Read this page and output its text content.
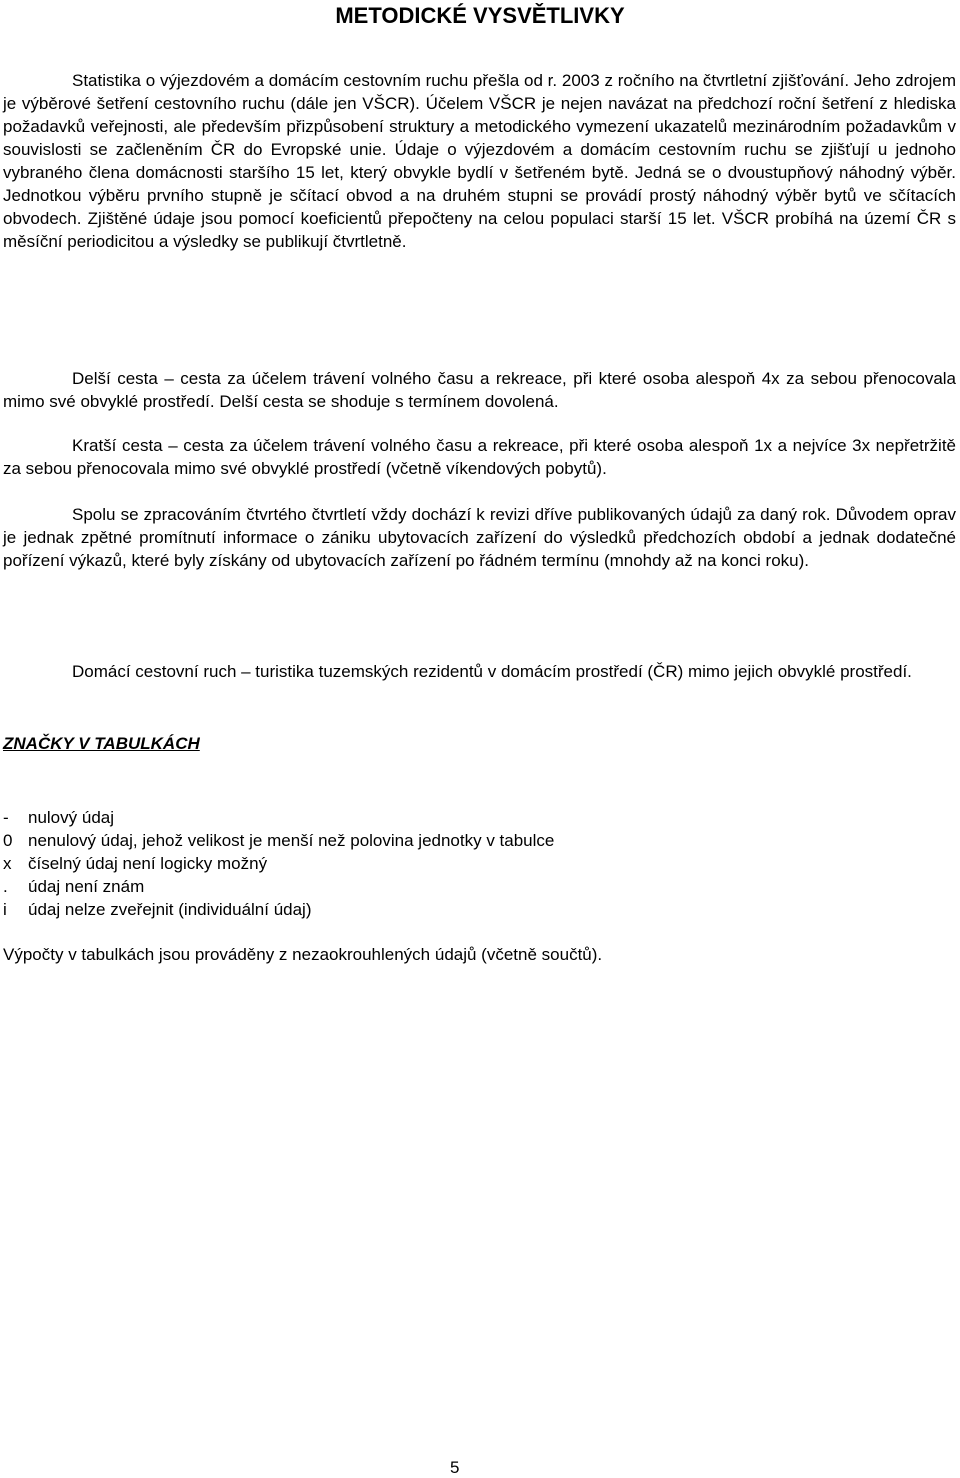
METODICKÉ VYSVĚTLIVKY

Statistika o výjezdovém a domácím cestovním ruchu přešla od r. 2003 z ročního na čtvrtletní zjišťování. Jeho zdrojem je výběrové šetření cestovního ruchu (dále jen VŠCR). Účelem VŠCR je nejen navázat na předchozí roční šetření z hlediska požadavků veřejnosti, ale především přizpůsobení struktury a metodického vymezení ukazatelů mezinárodním požadavkům v souvislosti se začleněním ČR do Evropské unie. Údaje o výjezdovém a domácím cestovním ruchu se zjišťují u jednoho vybraného člena domácnosti staršího 15 let, který obvykle bydlí v šetřeném bytě. Jedná se o dvoustupňový náhodný výběr. Jednotkou výběru prvního stupně je sčítací obvod a na druhém stupni se provádí prostý náhodný výběr bytů ve sčítacích obvodech. Zjištěné údaje jsou pomocí koeficientů přepočteny na celou populaci starší 15 let. VŠCR probíhá na území ČR s měsíční periodicitou a výsledky se publikují čtvrtletně.

Domácí cestovní ruch – turistika tuzemských rezidentů v domácím prostředí (ČR) mimo jejich obvyklé prostředí.

Delší cesta – cesta za účelem trávení volného času a rekreace, při které osoba alespoň 4x za sebou přenocovala mimo své obvyklé prostředí. Delší cesta se shoduje s termínem dovolená.

Kratší cesta – cesta za účelem trávení volného času a rekreace, při které osoba alespoň 1x a nejvíce 3x nepřetržitě za sebou přenocovala mimo své obvyklé prostředí (včetně víkendových pobytů).

Spolu se zpracováním čtvrtého čtvrtletí vždy dochází k revizi dříve publikovaných údajů za daný rok. Důvodem oprav je jednak zpětné promítnutí informace o zániku ubytovacích zařízení do výsledků předchozích období a jednak dodatečné pořízení výkazů, které byly získány od ubytovacích zařízení po řádném termínu (mnohdy až na konci roku).

ZNAČKY V TABULKÁCH
-	nulový údaj
0 nenulový údaj, jehož velikost je menší než polovina jednotky v tabulce
x číselný údaj není logicky možný
.	údaj není znám
i	údaj nelze zveřejnit (individuální údaj)

Výpočty v tabulkách jsou prováděny z nezaokrouhlených údajů (včetně součtů).

5
